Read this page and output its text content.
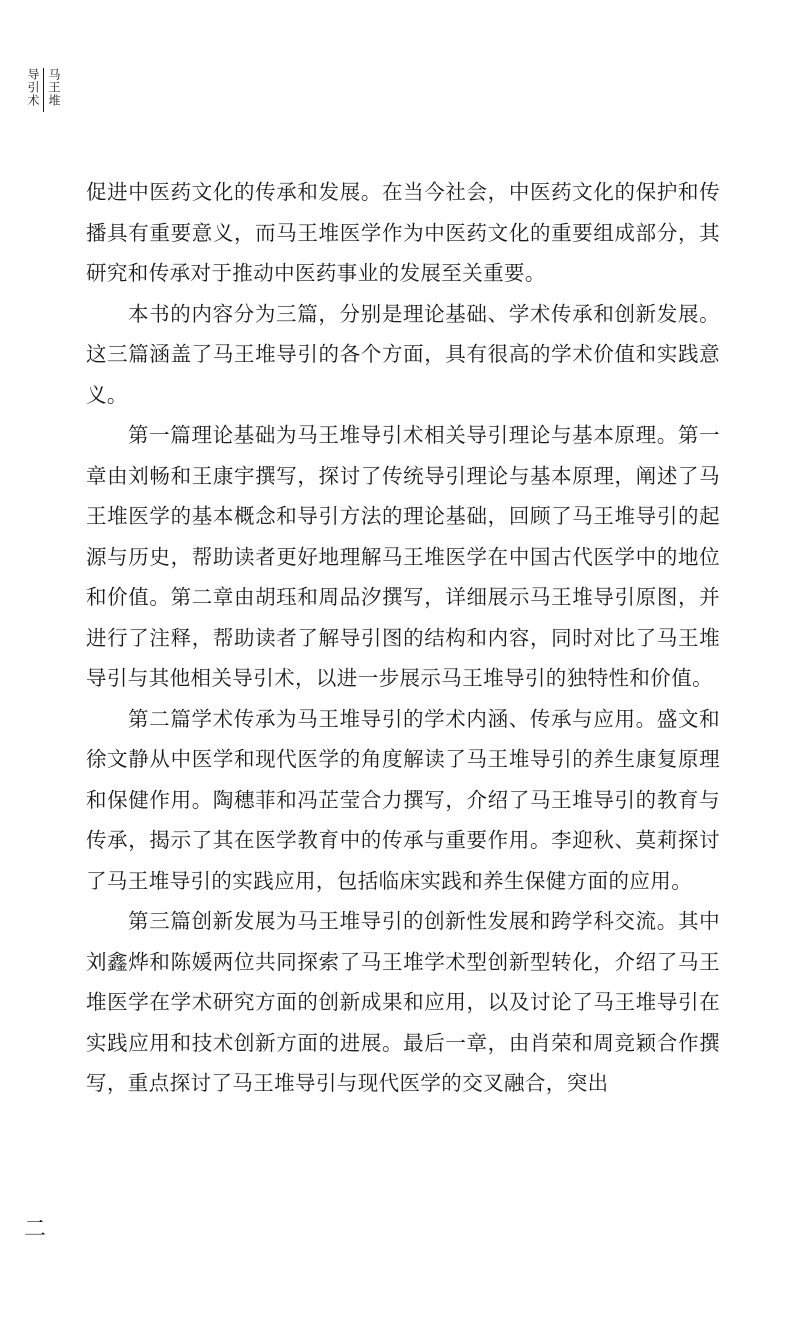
马王堆
导引术

促进中医药文化的传承和发展。在当今社会，中医药文化的保护和传播具有重要意义，而马王堆医学作为中医药文化的重要组成部分，其研究和传承对于推动中医药事业的发展至关重要。

本书的内容分为三篇，分别是理论基础、学术传承和创新发展。这三篇涵盖了马王堆导引的各个方面，具有很高的学术价值和实践意义。

第一篇理论基础为马王堆导引术相关导引理论与基本原理。第一章由刘畅和王康宇撰写，探讨了传统导引理论与基本原理，阐述了马王堆医学的基本概念和导引方法的理论基础，回顾了马王堆导引的起源与历史，帮助读者更好地理解马王堆医学在中国古代医学中的地位和价值。第二章由胡珏和周品汐撰写，详细展示马王堆导引原图，并进行了注释，帮助读者了解导引图的结构和内容，同时对比了马王堆导引与其他相关导引术，以进一步展示马王堆导引的独特性和价值。

第二篇学术传承为马王堆导引的学术内涵、传承与应用。盛文和徐文静从中医学和现代医学的角度解读了马王堆导引的养生康复原理和保健作用。陶穗菲和冯芷莹合力撰写，介绍了马王堆导引的教育与传承，揭示了其在医学教育中的传承与重要作用。李迎秋、莫莉探讨了马王堆导引的实践应用，包括临床实践和养生保健方面的应用。

第三篇创新发展为马王堆导引的创新性发展和跨学科交流。其中刘鑫烨和陈媛两位共同探索了马王堆学术型创新型转化，介绍了马王堆医学在学术研究方面的创新成果和应用，以及讨论了马王堆导引在实践应用和技术创新方面的进展。最后一章，由肖荣和周竞颖合作撰写，重点探讨了马王堆导引与现代医学的交叉融合，突出

二
